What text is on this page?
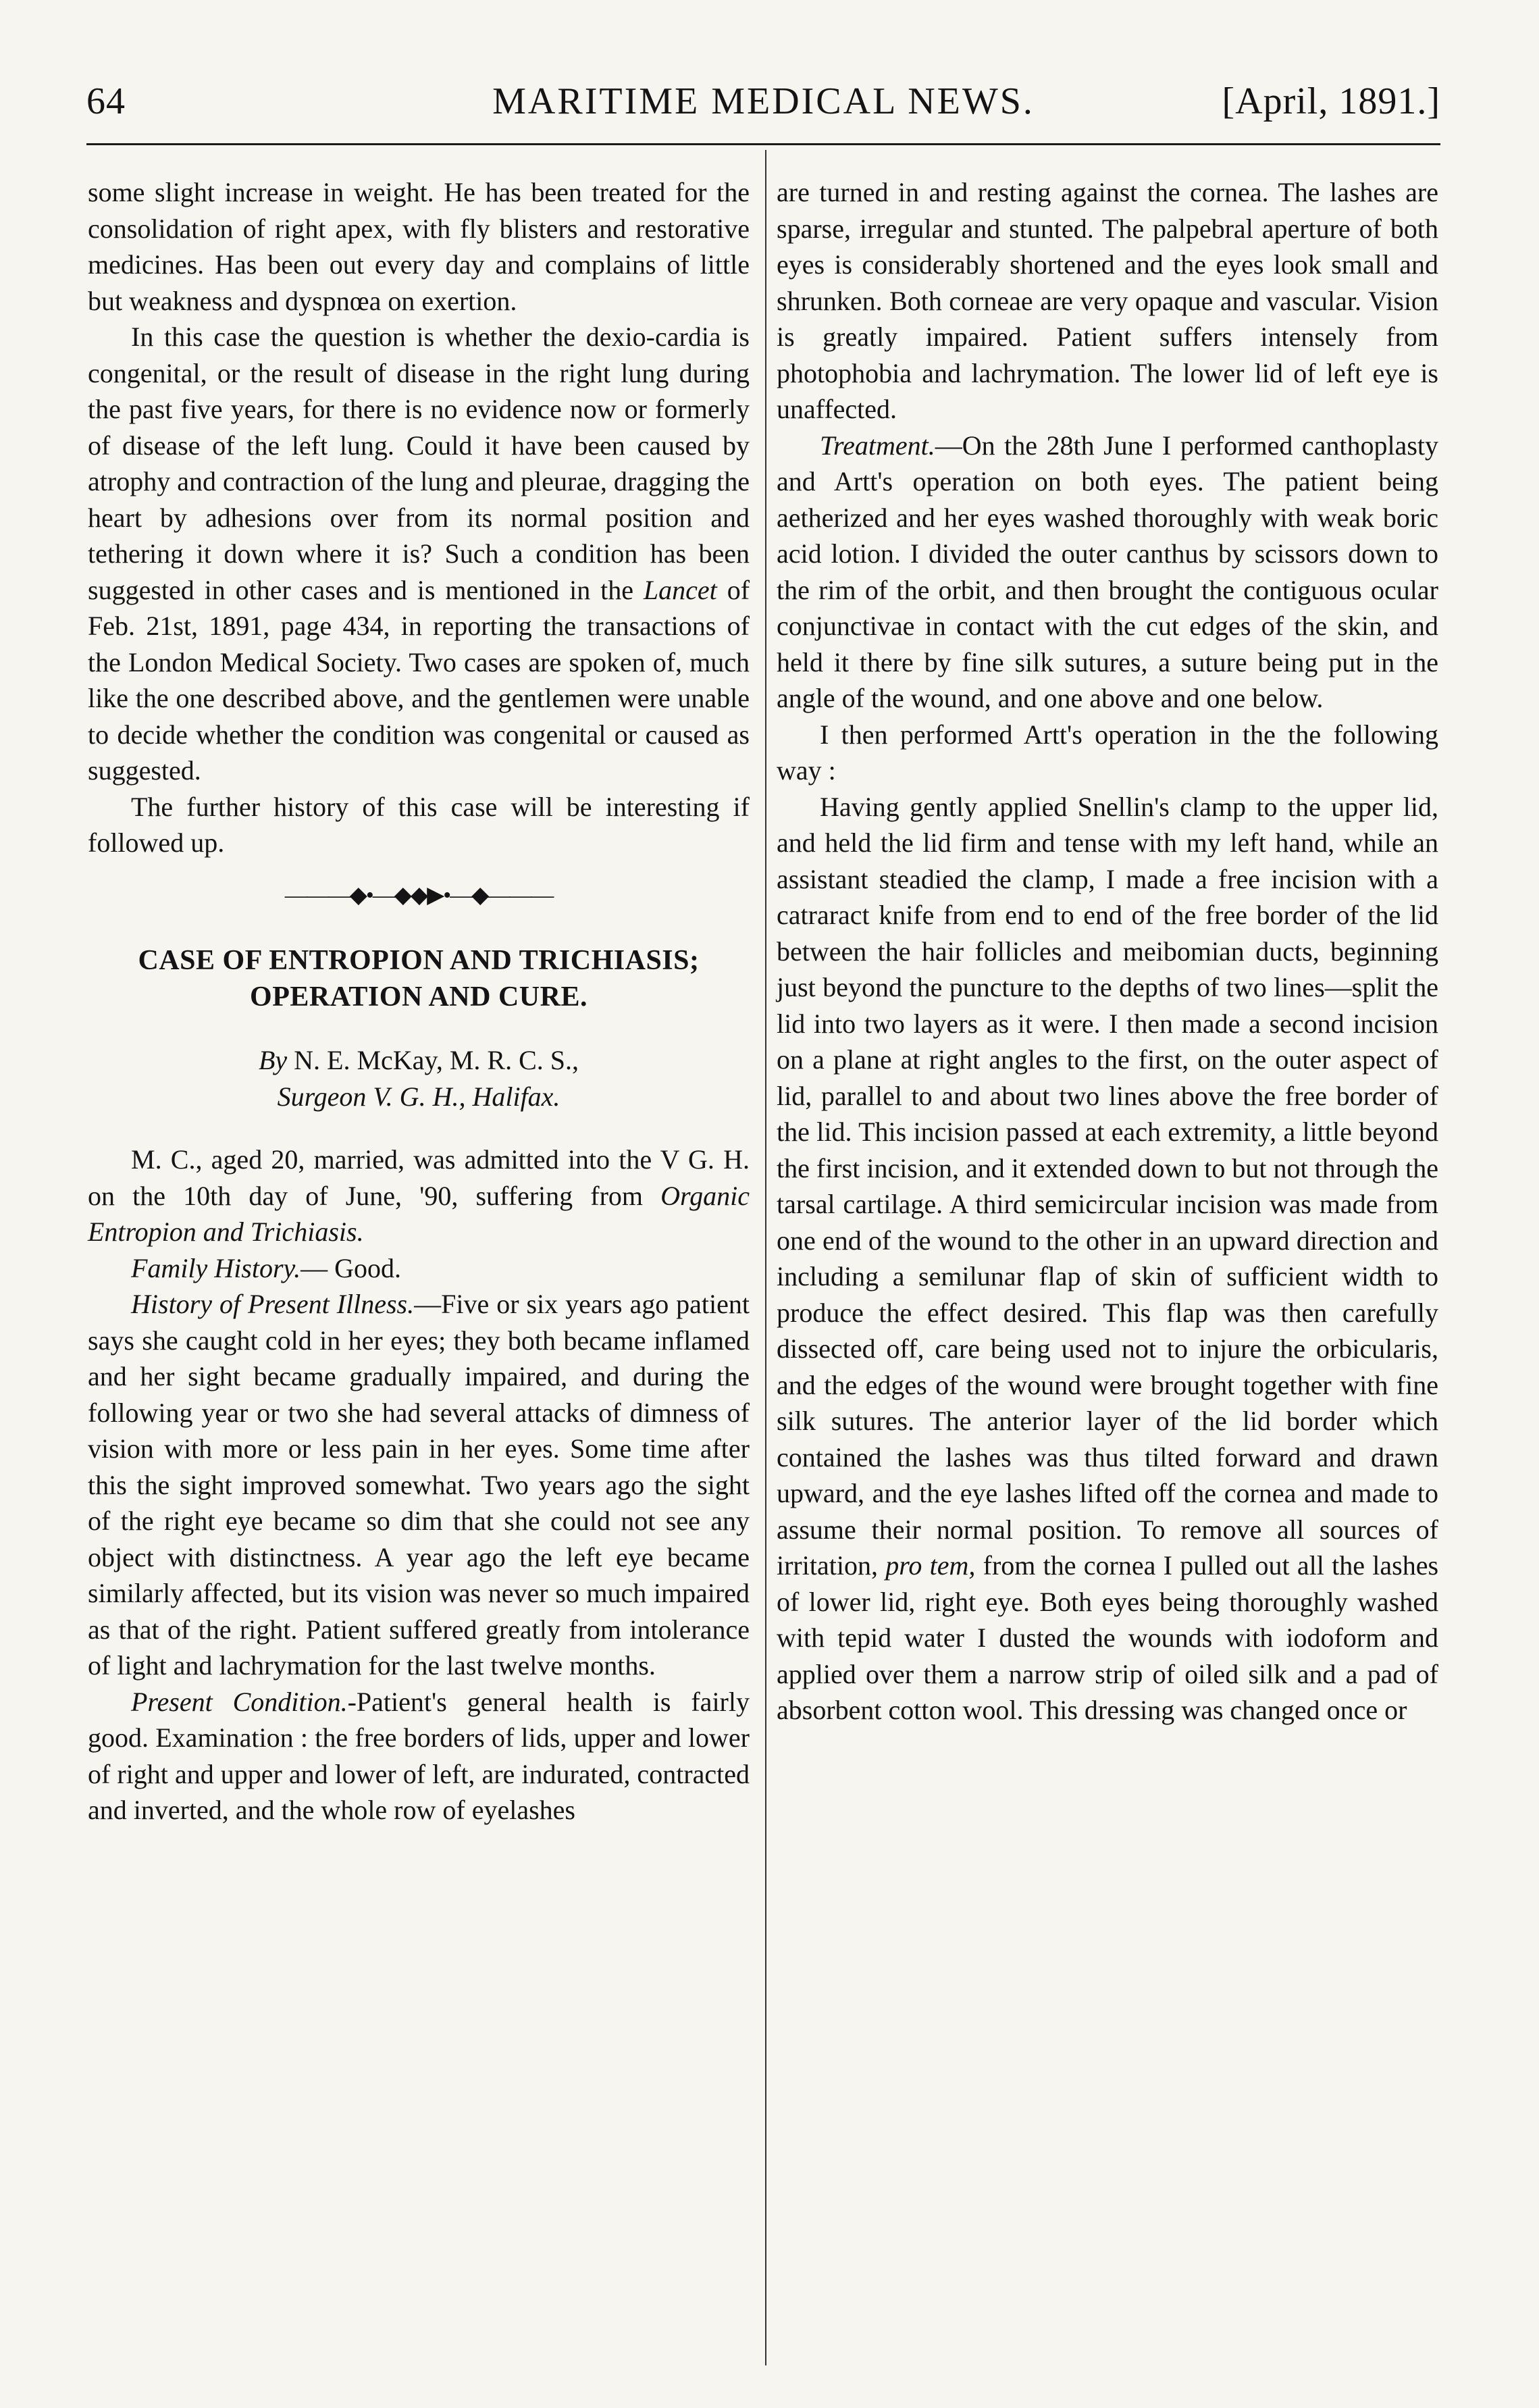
64	MARITIME MEDICAL NEWS.	[April, 1891.]

some slight increase in weight. He has been treated for the consolidation of right apex, with fly blisters and restorative medicines. Has been out every day and complains of little but weakness and dyspnœa on exertion.

In this case the question is whether the dexio-cardia is congenital, or the result of disease in the right lung during the past five years, for there is no evidence now or formerly of disease of the left lung. Could it have been caused by atrophy and contraction of the lung and pleurae, dragging the heart by adhesions over from its normal position and tethering it down where it is? Such a condition has been suggested in other cases and is mentioned in the Lancet of Feb. 21st, 1891, page 434, in reporting the transactions of the London Medical Society. Two cases are spoken of, much like the one described above, and the gentlemen were unable to decide whether the condition was congenital or caused as suggested.

The further history of this case will be interesting if followed up.

———◆•—◆◆▶•—◆———
CASE OF ENTROPION AND TRICHIASIS;
OPERATION AND CURE.
By N. E. McKay, M. R. C. S.,
Surgeon V. G. H., Halifax.

M. C., aged 20, married, was admitted into the V G. H. on the 10th day of June, '90, suffering from Organic Entropion and Trichiasis.

Family History.— Good.

History of Present Illness.—Five or six years ago patient says she caught cold in her eyes; they both became inflamed and her sight became gradually impaired, and during the following year or two she had several attacks of dimness of vision with more or less pain in her eyes. Some time after this the sight improved somewhat. Two years ago the sight of the right eye became so dim that she could not see any object with distinctness. A year ago the left eye became similarly affected, but its vision was never so much impaired as that of the right. Patient suffered greatly from intolerance of light and lachrymation for the last twelve months.

Present Condition.-Patient's general health is fairly good. Examination : the free borders of lids, upper and lower of right and upper and lower of left, are indurated, contracted and inverted, and the whole row of eyelashes

are turned in and resting against the cornea. The lashes are sparse, irregular and stunted. The palpebral aperture of both eyes is considerably shortened and the eyes look small and shrunken. Both corneae are very opaque and vascular. Vision is greatly impaired. Patient suffers intensely from photophobia and lachrymation. The lower lid of left eye is unaffected.

Treatment.—On the 28th June I performed canthoplasty and Artt's operation on both eyes. The patient being aetherized and her eyes washed thoroughly with weak boric acid lotion. I divided the outer canthus by scissors down to the rim of the orbit, and then brought the contiguous ocular conjunctivae in contact with the cut edges of the skin, and held it there by fine silk sutures, a suture being put in the angle of the wound, and one above and one below.

I then performed Artt's operation in the the following way :

Having gently applied Snellin's clamp to the upper lid, and held the lid firm and tense with my left hand, while an assistant steadied the clamp, I made a free incision with a catraract knife from end to end of the free border of the lid between the hair follicles and meibomian ducts, beginning just beyond the puncture to the depths of two lines—split the lid into two layers as it were. I then made a second incision on a plane at right angles to the first, on the outer aspect of lid, parallel to and about two lines above the free border of the lid. This incision passed at each extremity, a little beyond the first incision, and it extended down to but not through the tarsal cartilage. A third semicircular incision was made from one end of the wound to the other in an upward direction and including a semilunar flap of skin of sufficient width to produce the effect desired. This flap was then carefully dissected off, care being used not to injure the orbicularis, and the edges of the wound were brought together with fine silk sutures. The anterior layer of the lid border which contained the lashes was thus tilted forward and drawn upward, and the eye lashes lifted off the cornea and made to assume their normal position. To remove all sources of irritation, pro tem, from the cornea I pulled out all the lashes of lower lid, right eye. Both eyes being thoroughly washed with tepid water I dusted the wounds with iodoform and applied over them a narrow strip of oiled silk and a pad of absorbent cotton wool. This dressing was changed once or
